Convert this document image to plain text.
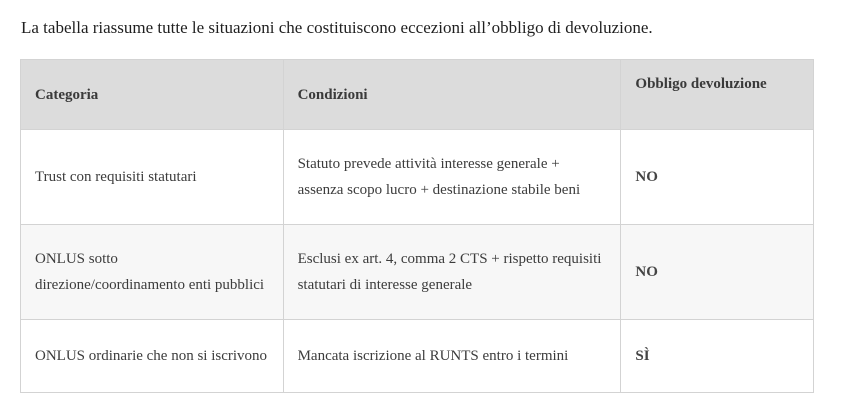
La tabella riassume tutte le situazioni che costituiscono eccezioni all’obbligo di devoluzione.

Categoria	Condizioni	Obbligo devoluzione
Trust con requisiti statutari	Statuto prevede attività interesse generale + assenza scopo lucro + destinazione stabile beni	NO
ONLUS sotto direzione/coordinamento enti pubblici	Esclusi ex art. 4, comma 2 CTS + rispetto requisiti statutari di interesse generale	NO
ONLUS ordinarie che non si iscrivono	Mancata iscrizione al RUNTS entro i termini	SÌ
